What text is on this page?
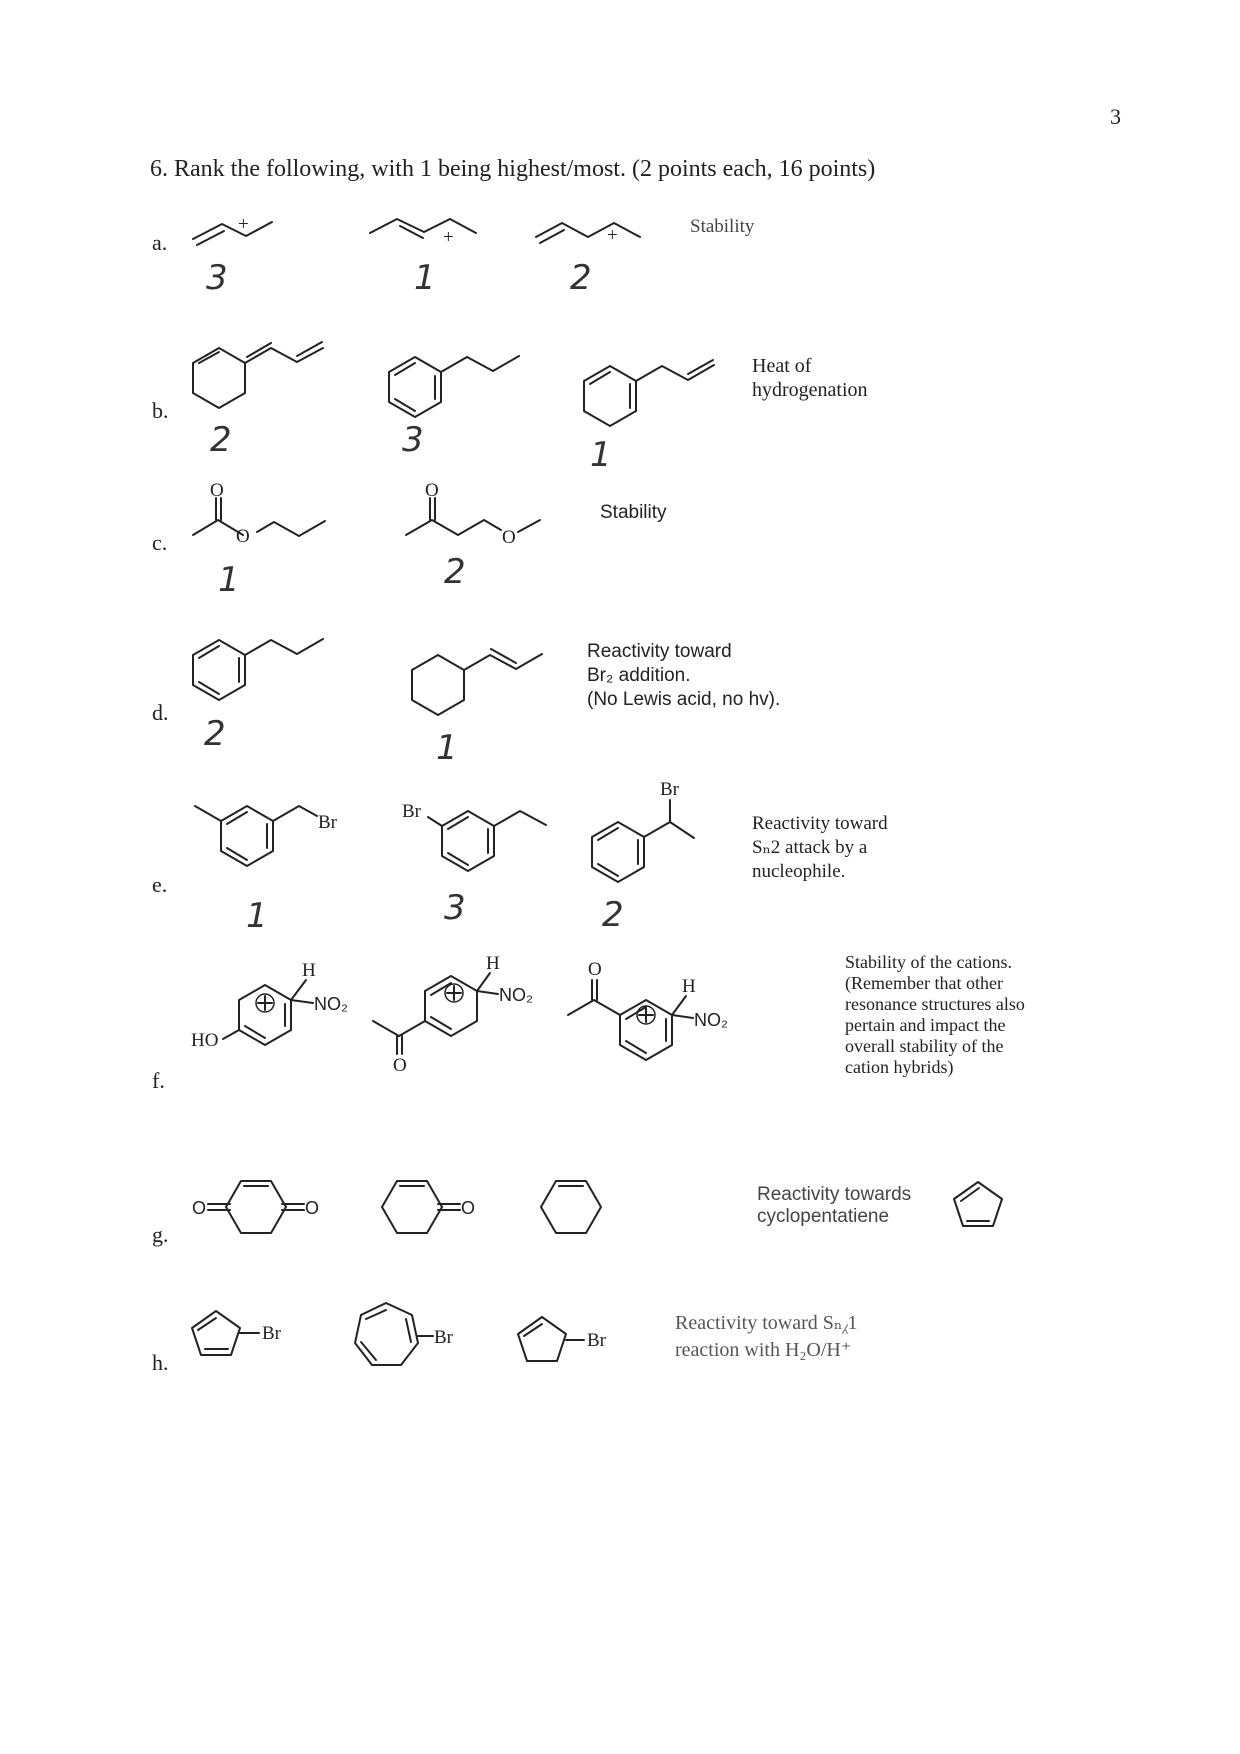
3
6. Rank the following, with 1 being highest/most. (2 points each, 16 points)
a.
b.
c.
d.
e.
f.
g.
h.
Stability
Heat of
hydrogenation
Stability
Reactivity toward
Br₂ addition.
(No Lewis acid, no hv).
Reactivity toward
Sₙ2 attack by a
nucleophile.
Stability of the cations.
(Remember that other
resonance structures also
pertain and impact the
overall stability of the
cation hybrids)
Reactivity towards
cyclopentatiene
Reactivity toward Sₙ⁁1
reaction with H₂O/H⁺
3	1	2
2	3	1
1	2
2	1
1	3	2
+
+	+
O
O
O
O
Br
Br
Br
H
NO₂
HO
H
NO₂
O
H
NO₂
O
O	O	O
Br	Br	Br
